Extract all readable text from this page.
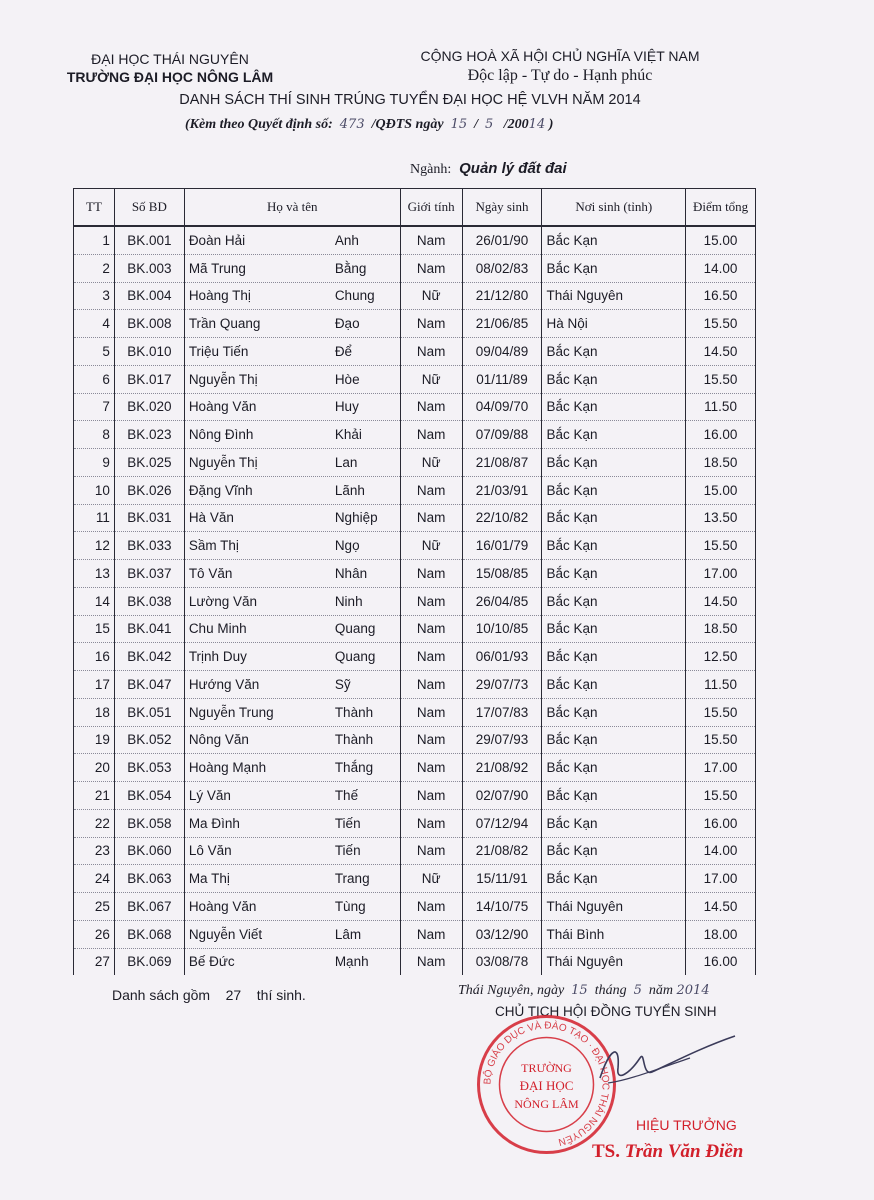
ĐẠI HỌC THÁI NGUYÊN
TRƯỜNG ĐẠI HỌC NÔNG LÂM
CỘNG HOÀ XÃ HỘI CHỦ NGHĨA VIỆT NAM
Độc lập - Tự do - Hạnh phúc
DANH SÁCH THÍ SINH TRÚNG TUYỂN ĐẠI HỌC HỆ VLVH NĂM 2014
(Kèm theo Quyết định số: 473 /QĐTS ngày 15  /  5 /20014 )
Ngành: Quản lý đất đai
TT	Số BD	Họ và tên	Giới tính	Ngày sinh	Nơi sinh (tỉnh)	Điểm tổng
1	BK.001	Đoàn Hải Anh	Nam	26/01/90	Bắc Kạn	15.00
2	BK.003	Mã Trung Bằng	Nam	08/02/83	Bắc Kạn	14.00
3	BK.004	Hoàng Thị Chung	Nữ	21/12/80	Thái Nguyên	16.50
4	BK.008	Trần Quang Đạo	Nam	21/06/85	Hà Nội	15.50
5	BK.010	Triệu Tiến Để	Nam	09/04/89	Bắc Kạn	14.50
6	BK.017	Nguyễn Thị Hòe	Nữ	01/11/89	Bắc Kạn	15.50
7	BK.020	Hoàng Văn Huy	Nam	04/09/70	Bắc Kạn	11.50
8	BK.023	Nông Đình Khải	Nam	07/09/88	Bắc Kạn	16.00
9	BK.025	Nguyễn Thị Lan	Nữ	21/08/87	Bắc Kạn	18.50
10	BK.026	Đặng Vĩnh Lãnh	Nam	21/03/91	Bắc Kạn	15.00
11	BK.031	Hà Văn Nghiệp	Nam	22/10/82	Bắc Kạn	13.50
12	BK.033	Sầm Thị Ngọ	Nữ	16/01/79	Bắc Kạn	15.50
13	BK.037	Tô Văn Nhân	Nam	15/08/85	Bắc Kạn	17.00
14	BK.038	Lường Văn Ninh	Nam	26/04/85	Bắc Kạn	14.50
15	BK.041	Chu Minh Quang	Nam	10/10/85	Bắc Kạn	18.50
16	BK.042	Trịnh Duy Quang	Nam	06/01/93	Bắc Kạn	12.50
17	BK.047	Hướng Văn Sỹ	Nam	29/07/73	Bắc Kạn	11.50
18	BK.051	Nguyễn Trung Thành	Nam	17/07/83	Bắc Kạn	15.50
19	BK.052	Nông Văn Thành	Nam	29/07/93	Bắc Kạn	15.50
20	BK.053	Hoàng Mạnh Thắng	Nam	21/08/92	Bắc Kạn	17.00
21	BK.054	Lý Văn Thế	Nam	02/07/90	Bắc Kạn	15.50
22	BK.058	Ma Đình Tiến	Nam	07/12/94	Bắc Kạn	16.00
23	BK.060	Lô Văn Tiến	Nam	21/08/82	Bắc Kạn	14.00
24	BK.063	Ma Thị Trang	Nữ	15/11/91	Bắc Kạn	17.00
25	BK.067	Hoàng Văn Tùng	Nam	14/10/75	Thái Nguyên	14.50
26	BK.068	Nguyễn Viết Lâm	Nam	03/12/90	Thái Bình	18.00
27	BK.069	Bế Đức Mạnh	Nam	03/08/78	Thái Nguyên	16.00
Danh sách gồm 27 thí sinh.	Thái Nguyên, ngày 15 tháng 5 năm 2014
CHỦ TỊCH HỘI ĐỒNG TUYỂN SINH
BỘ GIÁO DỤC VÀ ĐÀO TẠO · ĐẠI HỌC THÁI NGUYÊN
TRƯỜNG
ĐẠI HỌC
NÔNG LÂM
HIỆU TRƯỞNG
TS. Trần Văn Điền
